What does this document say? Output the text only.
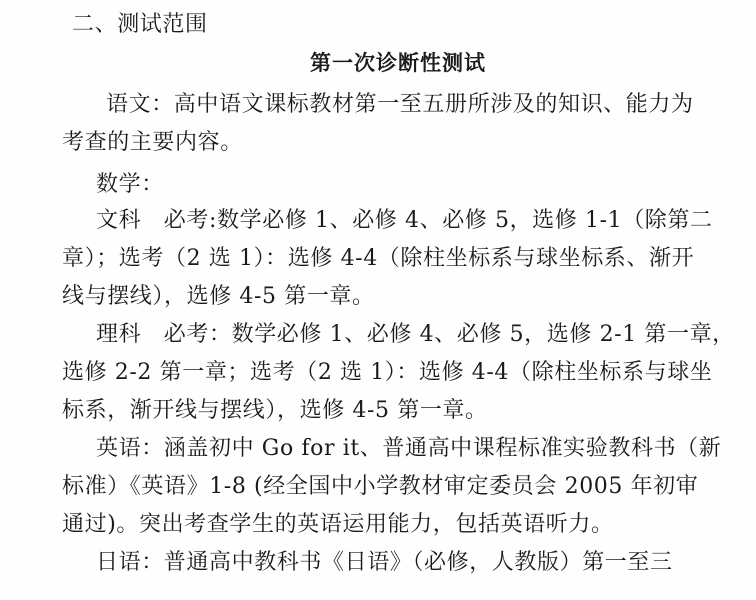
二、测试范围
第一次诊断性测试
语文：高中语文课标教材第一至五册所涉及的知识、能力为
考查的主要内容。
数学：
文科　必考:数学必修 1、必修 4、必修 5，选修 1-1（除第二
章）；选考（2 选 1）：选修 4-4（除柱坐标系与球坐标系、渐开
线与摆线），选修 4-5 第一章。
理科　必考：数学必修 1、必修 4、必修 5，选修 2-1 第一章，
选修 2-2 第一章；选考（2 选 1）：选修 4-4（除柱坐标系与球坐
标系，渐开线与摆线），选修 4-5 第一章。
英语：涵盖初中 Go for it、普通高中课程标准实验教科书（新
标准）《英语》1-8 (经全国中小学教材审定委员会 2005 年初审
通过)。突出考查学生的英语运用能力，包括英语听力。
日语：普通高中教科书《日语》（必修，人教版）第一至三
